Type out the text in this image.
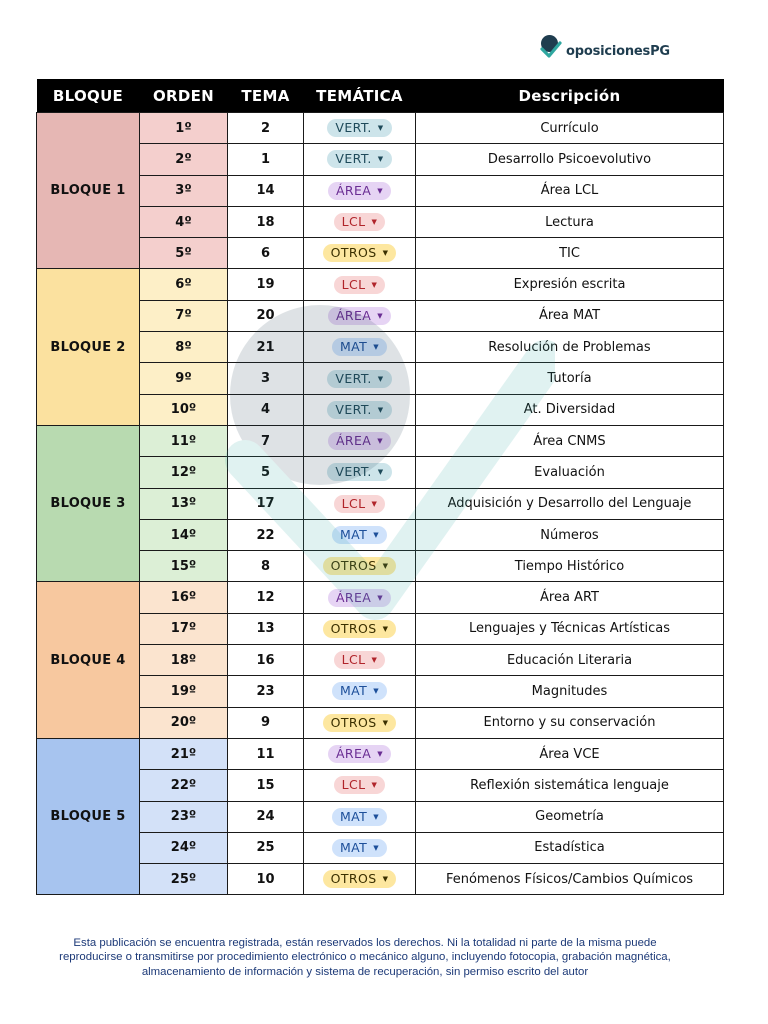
oposicionesPG
BLOQUE	ORDEN	TEMA	TEMÁTICA	Descripción
BLOQUE 1	1º	2	VERT. ▼	Currículo
	2º	1	VERT. ▼	Desarrollo Psicoevolutivo
	3º	14	ÁREA ▼	Área LCL
	4º	18	LCL ▼	Lectura
	5º	6	OTROS ▼	TIC
BLOQUE 2	6º	19	LCL ▼	Expresión escrita
	7º	20	ÁREA ▼	Área MAT
	8º	21	MAT ▼	Resolución de Problemas
	9º	3	VERT. ▼	Tutoría
	10º	4	VERT. ▼	At. Diversidad
BLOQUE 3	11º	7	ÁREA ▼	Área CNMS
	12º	5	VERT. ▼	Evaluación
	13º	17	LCL ▼	Adquisición y Desarrollo del Lenguaje
	14º	22	MAT ▼	Números
	15º	8	OTROS ▼	Tiempo Histórico
BLOQUE 4	16º	12	ÁREA ▼	Área ART
	17º	13	OTROS ▼	Lenguajes y Técnicas Artísticas
	18º	16	LCL ▼	Educación Literaria
	19º	23	MAT ▼	Magnitudes
	20º	9	OTROS ▼	Entorno y su conservación
BLOQUE 5	21º	11	ÁREA ▼	Área VCE
	22º	15	LCL ▼	Reflexión sistemática lenguaje
	23º	24	MAT ▼	Geometría
	24º	25	MAT ▼	Estadística
	25º	10	OTROS ▼	Fenómenos Físicos/Cambios Químicos
Esta publicación se encuentra registrada, están reservados los derechos. Ni la totalidad ni parte de la misma puede
reproducirse o transmitirse por procedimiento electrónico o mecánico alguno, incluyendo fotocopia, grabación magnética,
almacenamiento de información y sistema de recuperación, sin permiso escrito del autor
